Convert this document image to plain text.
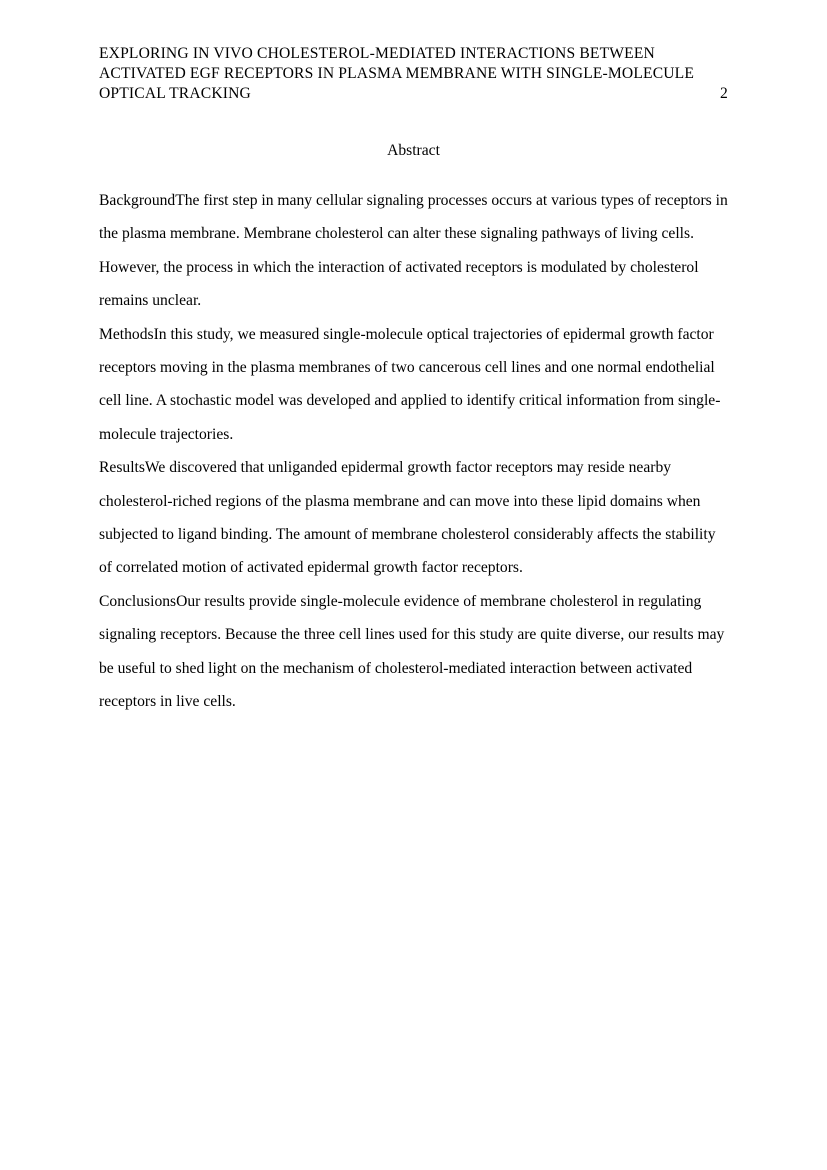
EXPLORING IN VIVO CHOLESTEROL-MEDIATED INTERACTIONS BETWEEN
ACTIVATED EGF RECEPTORS IN PLASMA MEMBRANE WITH SINGLE-MOLECULE
OPTICAL TRACKING	2
Abstract

BackgroundThe first step in many cellular signaling processes occurs at various types of receptors in the plasma membrane. Membrane cholesterol can alter these signaling pathways of living cells. However, the process in which the interaction of activated receptors is modulated by cholesterol remains unclear.

MethodsIn this study, we measured single-molecule optical trajectories of epidermal growth factor receptors moving in the plasma membranes of two cancerous cell lines and one normal endothelial cell line. A stochastic model was developed and applied to identify critical information from single-molecule trajectories.

ResultsWe discovered that unliganded epidermal growth factor receptors may reside nearby cholesterol-riched regions of the plasma membrane and can move into these lipid domains when subjected to ligand binding. The amount of membrane cholesterol considerably affects the stability of correlated motion of activated epidermal growth factor receptors.

ConclusionsOur results provide single-molecule evidence of membrane cholesterol in regulating signaling receptors. Because the three cell lines used for this study are quite diverse, our results may be useful to shed light on the mechanism of cholesterol-mediated interaction between activated receptors in live cells.
